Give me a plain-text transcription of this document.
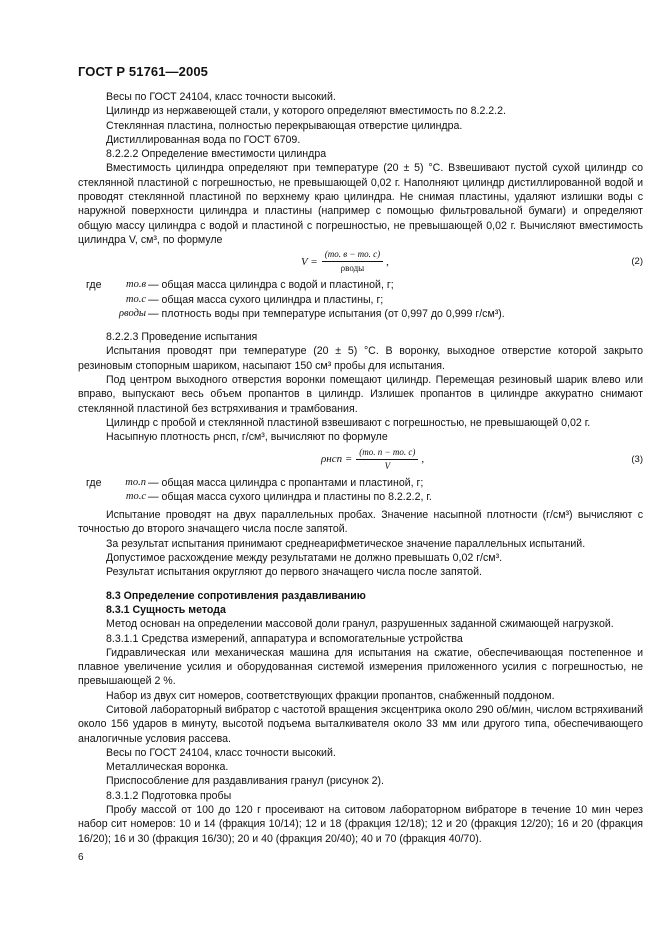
ГОСТ Р 51761—2005

Весы по ГОСТ 24104, класс точности высокий.

Цилиндр из нержавеющей стали, у которого определяют вместимость по 8.2.2.2.

Стеклянная пластина, полностью перекрывающая отверстие цилиндра.

Дистиллированная вода по ГОСТ 6709.

8.2.2.2 Определение вместимости цилиндра

Вместимость цилиндра определяют при температуре (20 ± 5) °С. Взвешивают пустой сухой цилиндр со стеклянной пластиной с погрешностью, не превышающей 0,02 г. Наполняют цилиндр дистиллированной водой и проводят стеклянной пластиной по верхнему краю цилиндра. Не снимая пластины, удаляют излишки воды с наружной поверхности цилиндра и пластины (например с помощью фильтровальной бумаги) и определяют общую массу цилиндра с водой и пластиной с погрешностью, не превышающей 0,02 г. Вычисляют вместимость цилиндра V, см³, по формуле

$V = \frac{(mо. в - mо. с)}{\text{ρводы}}$ ,	(2)
где mо.в — общая масса цилиндра с водой и пластиной, г;
mо.с — общая масса сухого цилиндра и пластины, г;
ρводы — плотность воды при температуре испытания (от 0,997 до 0,999 г/см³).

8.2.2.3 Проведение испытания

Испытания проводят при температуре (20 ± 5) °С. В воронку, выходное отверстие которой закрыто резиновым стопорным шариком, насыпают 150 см³ пробы для испытания.

Под центром выходного отверстия воронки помещают цилиндр. Перемещая резиновый шарик влево или вправо, выпускают весь объем пропантов в цилиндр. Излишек пропантов в цилиндре аккуратно снимают стеклянной пластиной без встряхивания и трамбования.

Цилиндр с пробой и стеклянной пластиной взвешивают с погрешностью, не превышающей 0,02 г.

Насыпную плотность ρнсп, г/см³, вычисляют по формуле

$\rho нсп = \frac{(mо. п - mо. с)}{V}$ ,	(3)
где mо.п — общая масса цилиндра с пропантами и пластиной, г;
mо.с — общая масса сухого цилиндра и пластины по 8.2.2.2, г.

Испытание проводят на двух параллельных пробах. Значение насыпной плотности (г/см³) вычисляют с точностью до второго значащего числа после запятой.

За результат испытания принимают среднеарифметическое значение параллельных испытаний.

Допустимое расхождение между результатами не должно превышать 0,02 г/см³.

Результат испытания округляют до первого значащего числа после запятой.

8.3 Определение сопротивления раздавливанию

8.3.1 Сущность метода

Метод основан на определении массовой доли гранул, разрушенных заданной сжимающей нагрузкой.

8.3.1.1 Средства измерений, аппаратура и вспомогательные устройства

Гидравлическая или механическая машина для испытания на сжатие, обеспечивающая постепенное и плавное увеличение усилия и оборудованная системой измерения приложенного усилия с погрешностью, не превышающей 2 %.

Набор из двух сит номеров, соответствующих фракции пропантов, снабженный поддоном.

Ситовой лабораторный вибратор с частотой вращения эксцентрика около 290 об/мин, числом встряхиваний около 156 ударов в минуту, высотой подъема выталкивателя около 33 мм или другого типа, обеспечивающего аналогичные условия рассева.

Весы по ГОСТ 24104, класс точности высокий.

Металлическая воронка.

Приспособление для раздавливания гранул (рисунок 2).

8.3.1.2 Подготовка пробы

Пробу массой от 100 до 120 г просеивают на ситовом лабораторном вибраторе в течение 10 мин через набор сит номеров: 10 и 14 (фракция 10/14); 12 и 18 (фракция 12/18); 12 и 20 (фракция 12/20); 16 и 20 (фракция 16/20); 16 и 30 (фракция 16/30); 20 и 40 (фракция 20/40); 40 и 70 (фракция 40/70).

6
